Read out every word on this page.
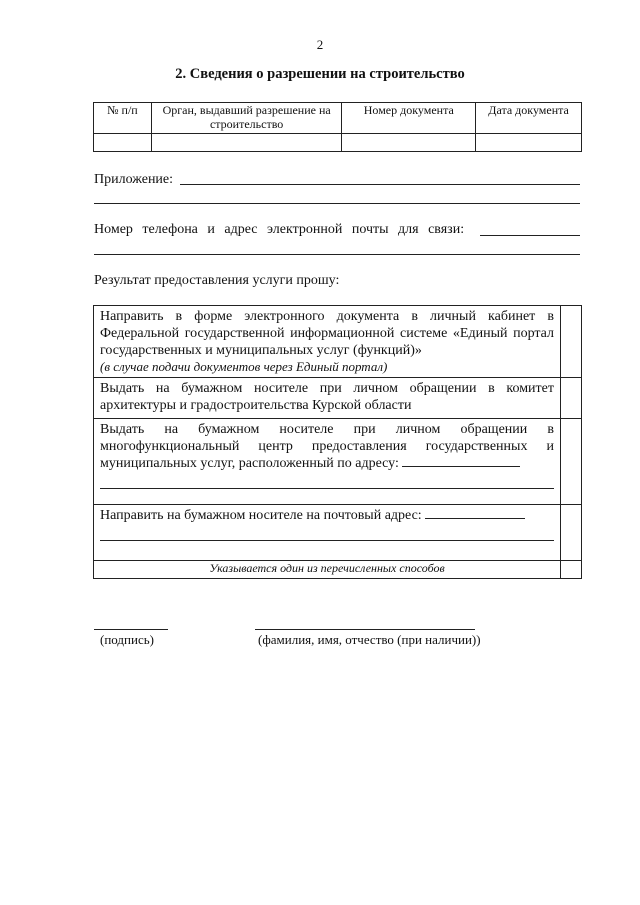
2
2. Сведения о разрешении на строительство
№ п/п	Орган, выдавший разрешение на строительство	Номер документа	Дата документа

Приложение:
Номер телефона и адрес электронной почты для связи:
Результат предоставления услуги прошу:
Направить в форме электронного документа в личный кабинет в Федеральной государственной информационной системе «Единый портал государственных и муниципальных услуг (функций)»
(в случае подачи документов через Единый портал)	

Выдать на бумажном носителе при личном обращении в комитет архитектуры и градостроительства Курской области	
Выдать на бумажном носителе при личном обращении в многофункциональный центр предоставления государственных и муниципальных услуг, расположенный по адресу:

Направить на бумажном носителе на почтовый адрес:

Указывается один из перечисленных способов	
(подпись)	(фамилия, имя, отчество (при наличии))
